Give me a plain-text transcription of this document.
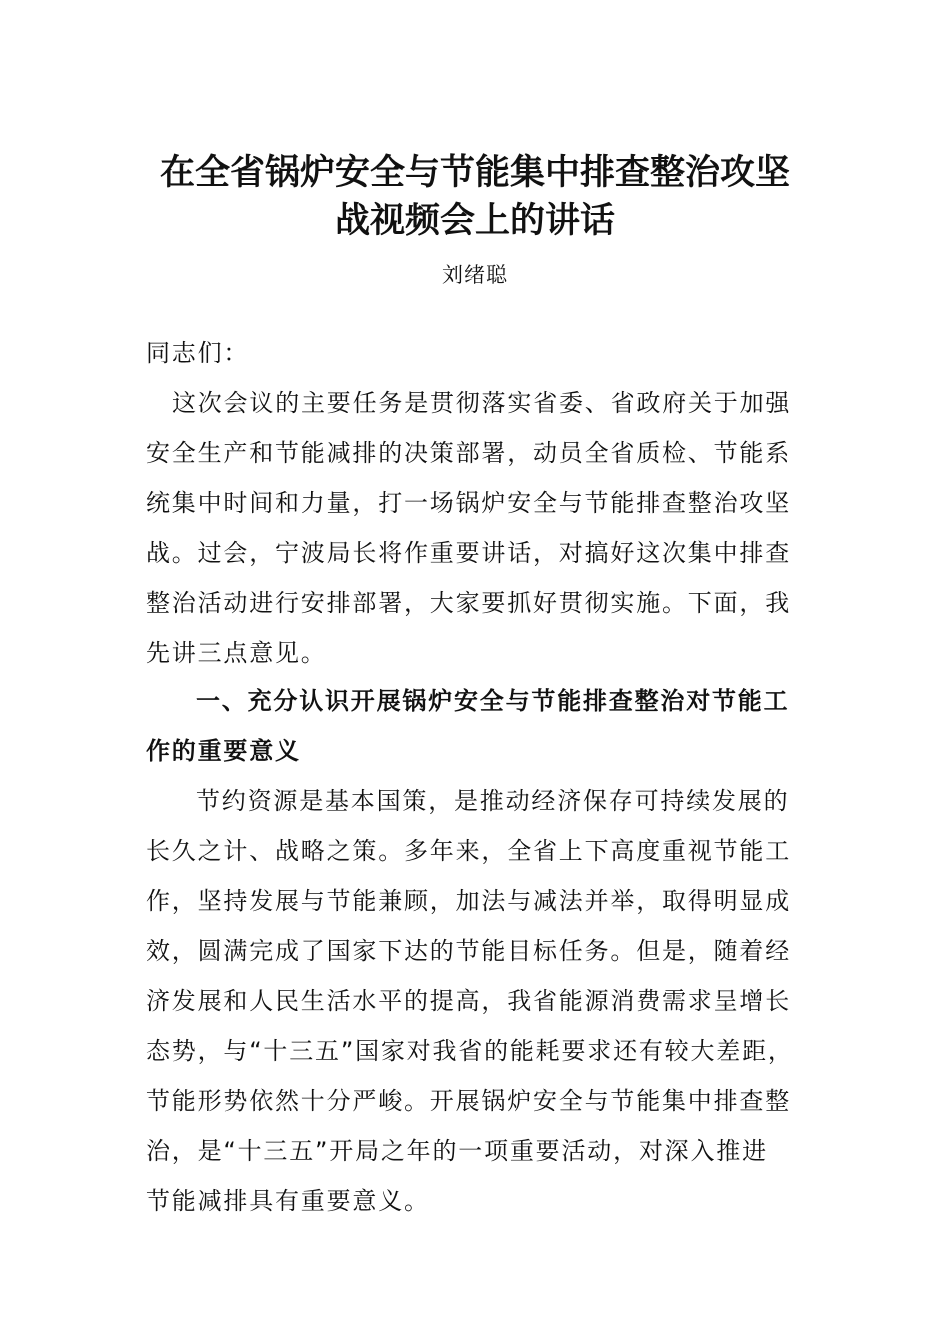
在全省锅炉安全与节能集中排查整治攻坚
战视频会上的讲话

刘绪聪

同志们：

这次会议的主要任务是贯彻落实省委、省政府关于加强

安全生产和节能减排的决策部署，动员全省质检、节能系

统集中时间和力量，打一场锅炉安全与节能排查整治攻坚

战。过会，宁波局长将作重要讲话，对搞好这次集中排查

整治活动进行安排部署，大家要抓好贯彻实施。下面，我

先讲三点意见。

一、充分认识开展锅炉安全与节能排查整治对节能工

作的重要意义

节约资源是基本国策，是推动经济保存可持续发展的

长久之计、战略之策。多年来，全省上下高度重视节能工

作，坚持发展与节能兼顾，加法与减法并举，取得明显成

效，圆满完成了国家下达的节能目标任务。但是，随着经

济发展和人民生活水平的提高，我省能源消费需求呈增长

态势，与“十三五”国家对我省的能耗要求还有较大差距，

节能形势依然十分严峻。开展锅炉安全与节能集中排查整

治，是“十三五”开局之年的一项重要活动，对深入推进

节能减排具有重要意义。
